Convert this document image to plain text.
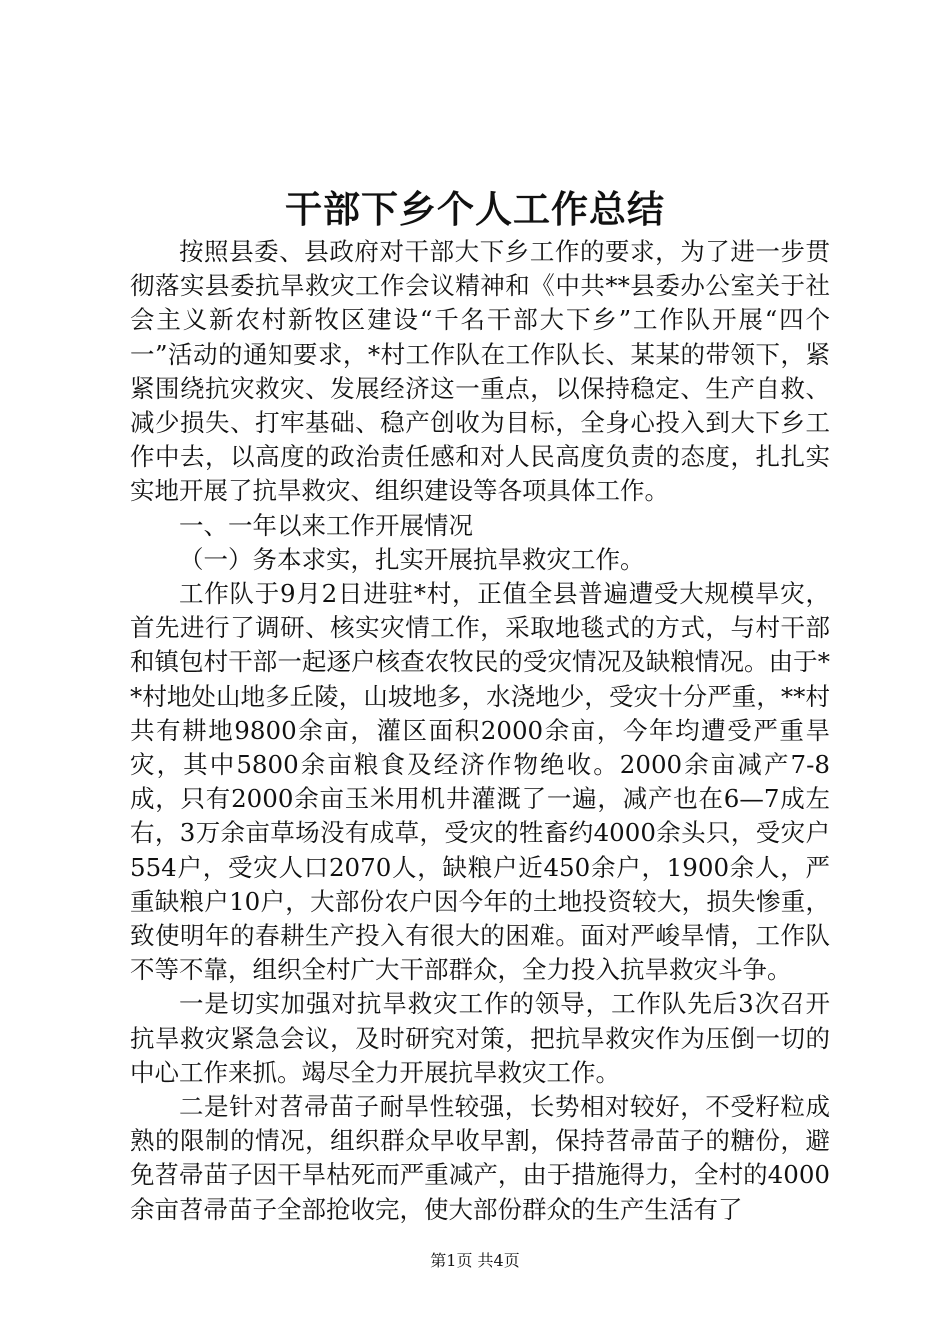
干部下乡个人工作总结

按照县委、县政府对干部大下乡工作的要求，为了进一步贯彻落实县委抗旱救灾工作会议精神和《中共**县委办公室关于社会主义新农村新牧区建设“千名干部大下乡”工作队开展“四个一”活动的通知要求，*村工作队在工作队长、某某的带领下，紧紧围绕抗灾救灾、发展经济这一重点，以保持稳定、生产自救、减少损失、打牢基础、稳产创收为目标，全身心投入到大下乡工作中去，以高度的政治责任感和对人民高度负责的态度，扎扎实实地开展了抗旱救灾、组织建设等各项具体工作。

一、一年以来工作开展情况

（一）务本求实，扎实开展抗旱救灾工作。

工作队于9月2日进驻*村，正值全县普遍遭受大规模旱灾，首先进行了调研、核实灾情工作，采取地毯式的方式，与村干部和镇包村干部一起逐户核查农牧民的受灾情况及缺粮情况。由于**村地处山地多丘陵，山坡地多，水浇地少，受灾十分严重，**村共有耕地9800余亩，灌区面积2000余亩，今年均遭受严重旱灾，其中5800余亩粮食及经济作物绝收。2000余亩减产7-8成，只有2000余亩玉米用机井灌溉了一遍，减产也在6—7成左右，3万余亩草场没有成草，受灾的牲畜约4000余头只，受灾户554户，受灾人口2070人，缺粮户近450余户，1900余人，严重缺粮户10户，大部份农户因今年的土地投资较大，损失惨重，致使明年的春耕生产投入有很大的困难。面对严峻旱情，工作队不等不靠，组织全村广大干部群众，全力投入抗旱救灾斗争。

一是切实加强对抗旱救灾工作的领导，工作队先后3次召开抗旱救灾紧急会议，及时研究对策，把抗旱救灾作为压倒一切的中心工作来抓。竭尽全力开展抗旱救灾工作。

二是针对苕帚苗子耐旱性较强，长势相对较好，不受籽粒成熟的限制的情况，组织群众早收早割，保持苕帚苗子的糖份，避免苕帚苗子因干旱枯死而严重减产，由于措施得力，全村的4000余亩苕帚苗子全部抢收完，使大部份群众的生产生活有了

第1页 共4页
